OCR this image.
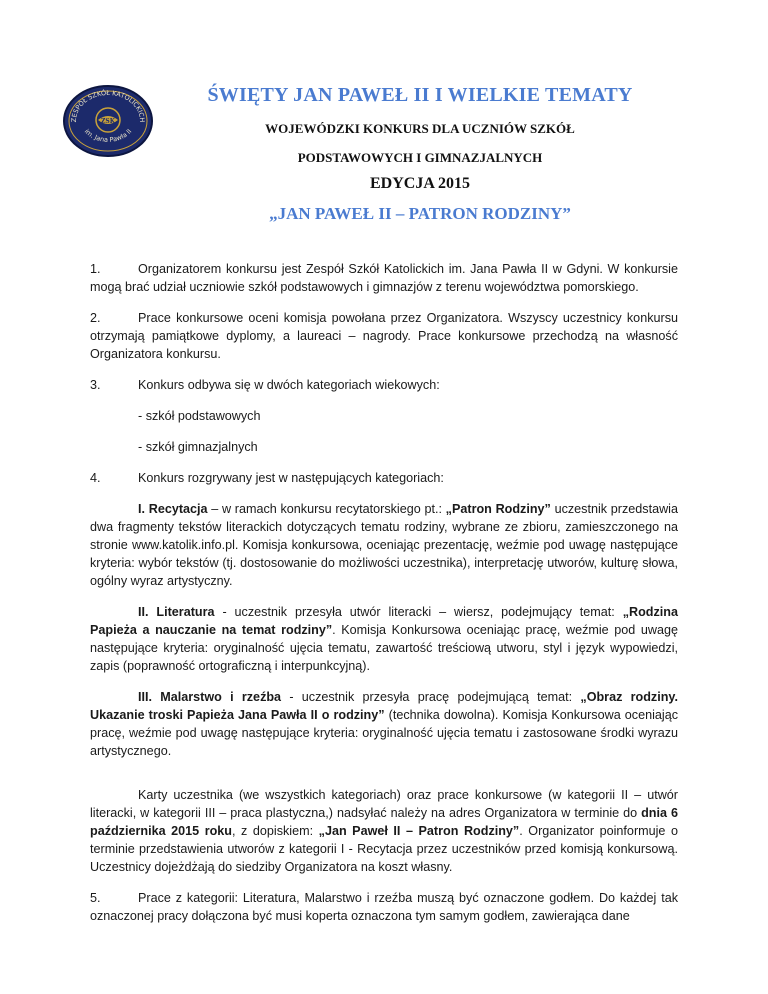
ZESPÓŁ SZKÓŁ KATOLICKICH
im. Jana Pawła II
ZSK
ŚWIĘTY JAN PAWEŁ II I WIELKIE TEMATY
WOJEWÓDZKI KONKURS DLA UCZNIÓW SZKÓŁ
PODSTAWOWYCH I GIMNAZJALNYCH
EDYCJA 2015
„JAN PAWEŁ II – PATRON RODZINY”

1.	Organizatorem konkursu jest Zespół Szkół Katolickich im. Jana Pawła II w Gdyni. W konkursie mogą brać udział uczniowie szkół podstawowych i gimnazjów z terenu województwa pomorskiego.

2.	Prace konkursowe oceni komisja powołana przez Organizatora. Wszyscy uczestnicy konkursu otrzymają pamiątkowe dyplomy, a laureaci – nagrody. Prace konkursowe przechodzą na własność Organizatora konkursu.

3.	Konkurs odbywa się w dwóch kategoriach wiekowych:

- szkół podstawowych

- szkół gimnazjalnych

4.	Konkurs rozgrywany jest w następujących kategoriach:

I. Recytacja – w ramach konkursu recytatorskiego pt.: „Patron Rodziny” uczestnik przedstawia dwa fragmenty tekstów literackich dotyczących tematu rodziny, wybrane ze zbioru, zamieszczonego na stronie www.katolik.info.pl. Komisja konkursowa, oceniając prezentację, weźmie pod uwagę następujące kryteria: wybór tekstów (tj. dostosowanie do możliwości uczestnika), interpretację utworów, kulturę słowa, ogólny wyraz artystyczny.

II. Literatura - uczestnik przesyła utwór literacki – wiersz, podejmujący temat: „Rodzina Papieża a nauczanie na temat rodziny”. Komisja Konkursowa oceniając pracę, weźmie pod uwagę następujące kryteria: oryginalność ujęcia tematu, zawartość treściową utworu, styl i język wypowiedzi, zapis (poprawność ortograficzną i interpunkcyjną).

III. Malarstwo i rzeźba - uczestnik przesyła pracę podejmującą temat: „Obraz rodziny. Ukazanie troski Papieża Jana Pawła II o rodziny” (technika dowolna). Komisja Konkursowa oceniając pracę, weźmie pod uwagę następujące kryteria: oryginalność ujęcia tematu i zastosowane środki wyrazu artystycznego.

Karty uczestnika (we wszystkich kategoriach) oraz prace konkursowe (w kategorii II – utwór literacki, w kategorii III – praca plastyczna,) nadsyłać należy na adres Organizatora w terminie do dnia 6 października 2015 roku, z dopiskiem: „Jan Paweł II – Patron Rodziny”. Organizator poinformuje o terminie przedstawienia utworów z kategorii I - Recytacja przez uczestników przed komisją konkursową. Uczestnicy dojeżdżają do siedziby Organizatora na koszt własny.

5.	Prace z kategorii: Literatura, Malarstwo i rzeźba muszą być oznaczone godłem. Do każdej tak oznaczonej pracy dołączona być musi koperta oznaczona tym samym godłem, zawierająca dane
